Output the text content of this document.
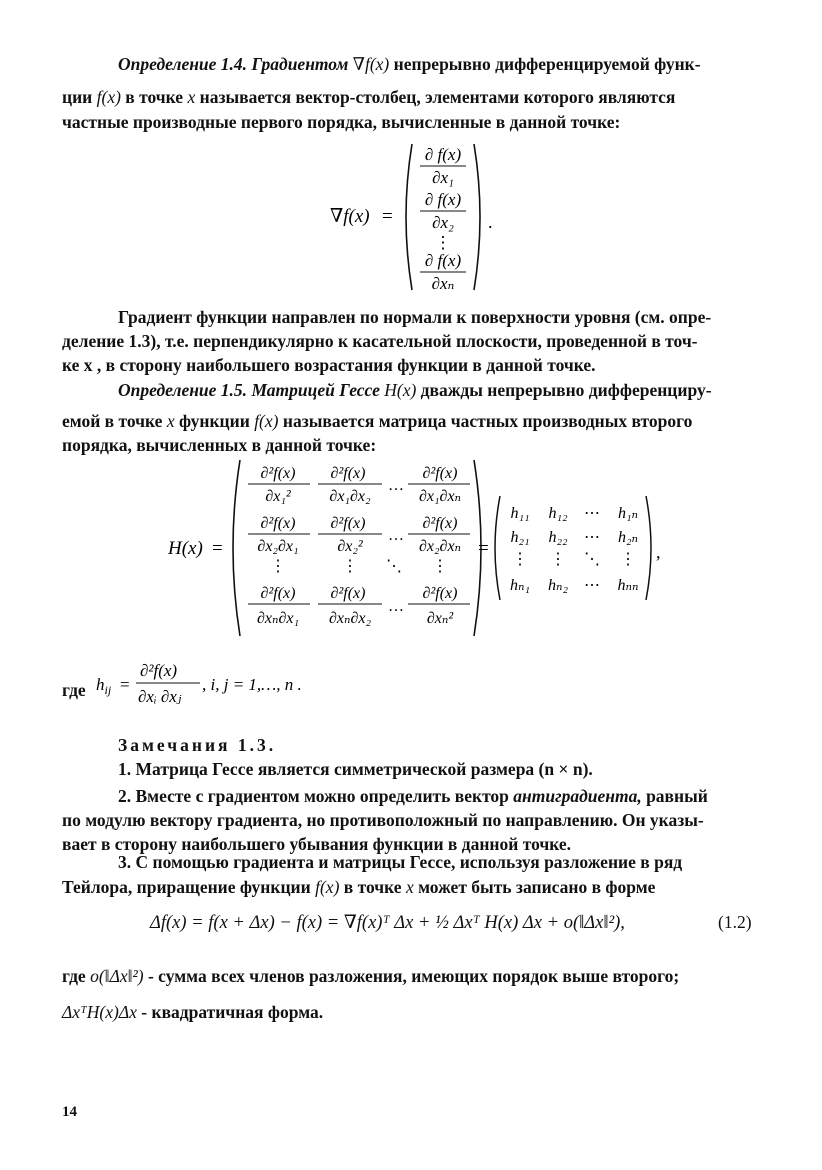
Определение 1.4. Градиентом ∇f(x) непрерывно дифференцируемой функ-
ции f(x) в точке x называется вектор-столбец, элементами которого являются
частные производные первого порядка, вычисленные в данной точке:
∇f(x) =
∂ f(x)
∂x₁
∂ f(x)
∂x₂
⋮
∂ f(x)
∂xₙ
.
Градиент функции направлен по нормали к поверхности уровня (см. опре-
деление 1.3), т.е. перпендикулярно к касательной плоскости, проведенной в точ-
ке x , в сторону наибольшего возрастания функции в данной точке.
Определение 1.5. Матрицей Гессе H(x) дважды непрерывно дифференциру-
емой в точке x функции f(x) называется матрица частных производных второго
порядка, вычисленных в данной точке:
H(x) =
∂²f(x)
∂x₁²
∂²f(x)
∂x₁∂x₂
…
∂²f(x)
∂x₁∂xₙ
∂²f(x)
∂x₂∂x₁
∂²f(x)
∂x₂²
…
∂²f(x)
∂x₂∂xₙ
⋮	⋮ ⋱ ⋮
∂²f(x)
∂xₙ∂x₁
∂²f(x)
∂xₙ∂x₂
…
∂²f(x)
∂xₙ²
=
h₁₁ h₁₂ ⋯ h₁ₙ
h₂₁ h₂₂ ⋯ h₂ₙ
⋮ ⋮ ⋱ ⋮
hₙ₁ hₙ₂ ⋯ hₙₙ
,
где $h_{ij}$ =
∂²f(x)
∂xᵢ ∂xⱼ
, i, j = 1,…, n .
Замечания 1.3.
1. Матрица Гессе является симметрической размера (n × n).
2. Вместе с градиентом можно определить вектор антиградиента, равный
по модулю вектору градиента, но противоположный по направлению. Он указы-
вает в сторону наибольшего убывания функции в данной точке.
3. С помощью градиента и матрицы Гессе, используя разложение в ряд
Тейлора, приращение функции f(x) в точке x может быть записано в форме
Δf(x) = f(x + Δx) − f(x) = ∇f(x)ᵀ Δx + ½ Δxᵀ H(x) Δx + o(‖Δx‖²),	(1.2)
где o(‖Δx‖²) - сумма всех членов разложения, имеющих порядок выше второго;
ΔxᵀH(x)Δx - квадратичная форма.
14
